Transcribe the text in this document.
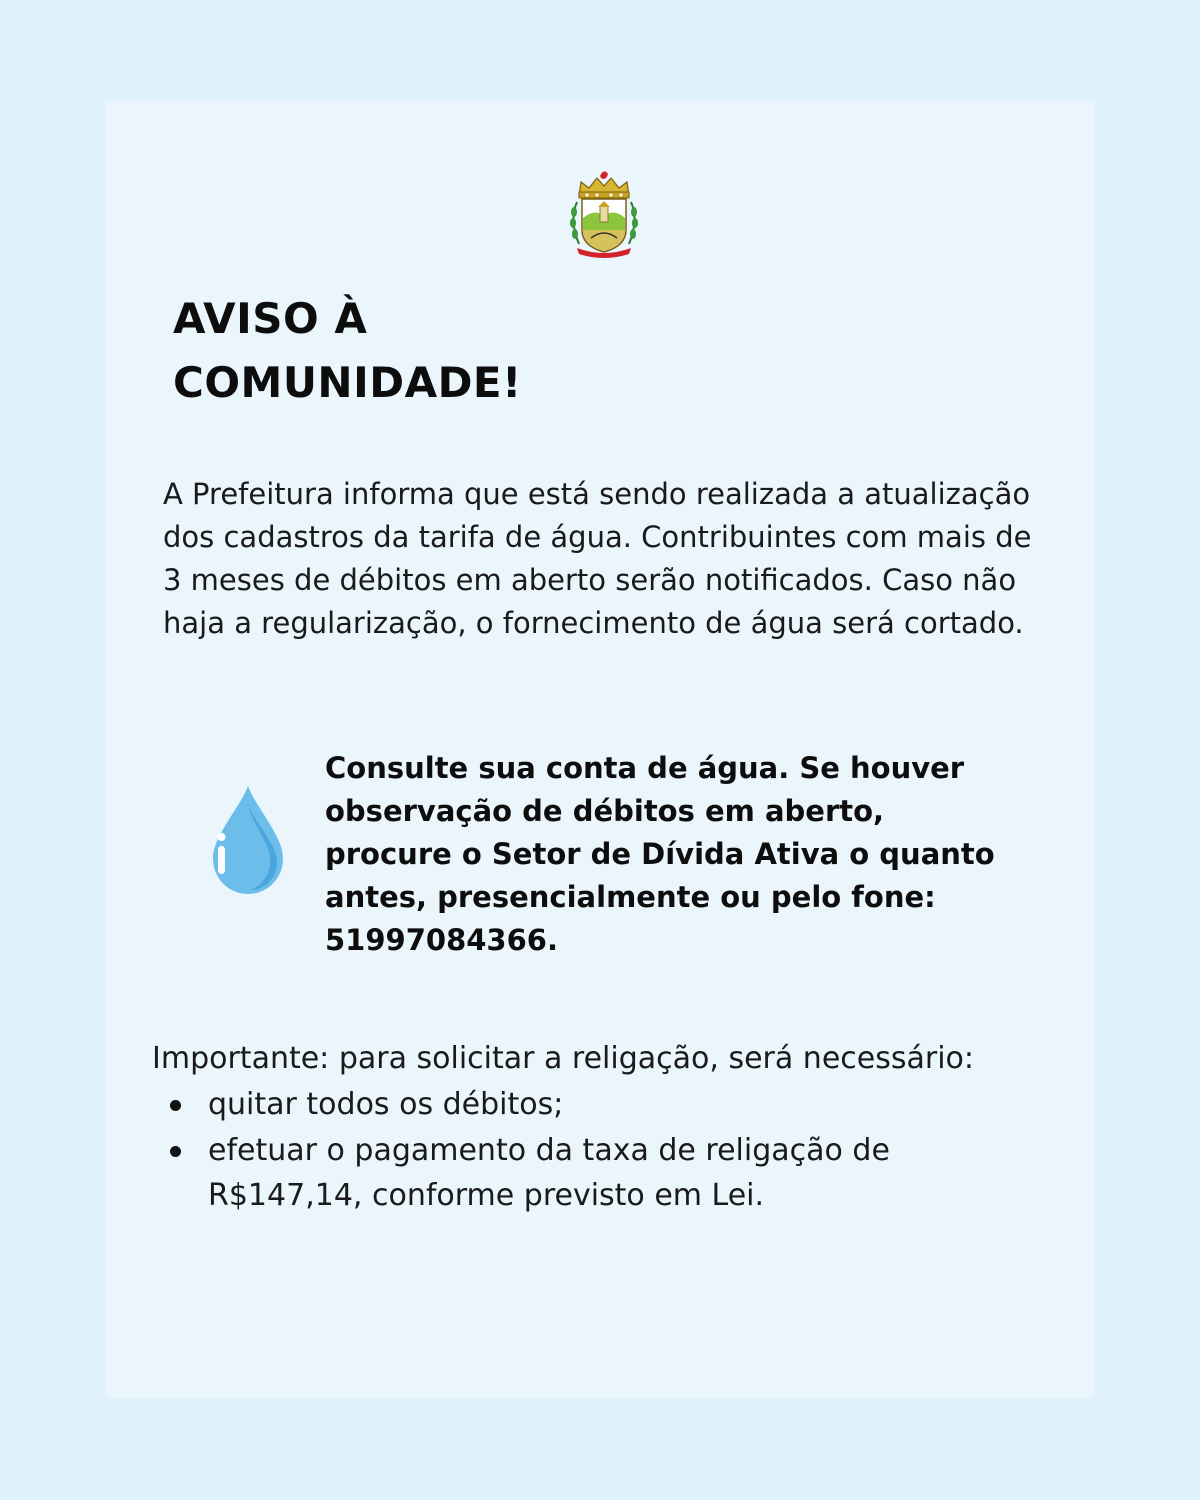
AVISO À
COMUNIDADE!

A Prefeitura informa que está sendo realizada a atualização dos cadastros da tarifa de água. Contribuintes com mais de 3 meses de débitos em aberto serão notificados. Caso não haja a regularização, o fornecimento de água será cortado.

Consulte sua conta de água. Se houver observação de débitos em aberto, procure o Setor de Dívida Ativa o quanto antes, presencialmente ou pelo fone: 51997084366.

Importante: para solicitar a religação, será necessário:

quitar todos os débitos;
efetuar o pagamento da taxa de religação de R$147,14, conforme previsto em Lei.
